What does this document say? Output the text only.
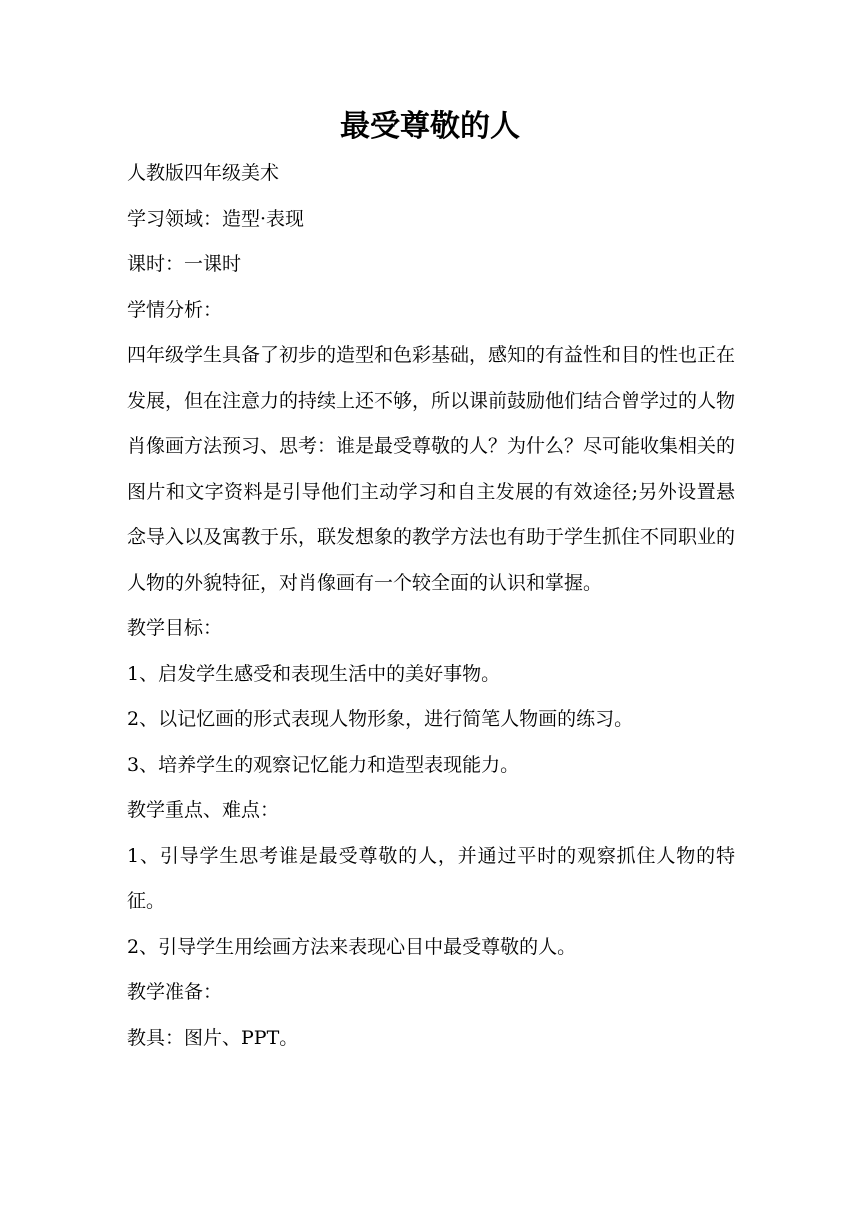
最受尊敬的人

人教版四年级美术

学习领域：造型·表现

课时：一课时

学情分析：

四年级学生具备了初步的造型和色彩基础，感知的有益性和目的性也正在发展，但在注意力的持续上还不够，所以课前鼓励他们结合曾学过的人物肖像画方法预习、思考：谁是最受尊敬的人？为什么？尽可能收集相关的图片和文字资料是引导他们主动学习和自主发展的有效途径;另外设置悬念导入以及寓教于乐，联发想象的教学方法也有助于学生抓住不同职业的人物的外貌特征，对肖像画有一个较全面的认识和掌握。

教学目标：

1、启发学生感受和表现生活中的美好事物。

2、以记忆画的形式表现人物形象，进行简笔人物画的练习。

3、培养学生的观察记忆能力和造型表现能力。

教学重点、难点：

1、引导学生思考谁是最受尊敬的人，并通过平时的观察抓住人物的特征。

2、引导学生用绘画方法来表现心目中最受尊敬的人。

教学准备：

教具：图片、PPT。
